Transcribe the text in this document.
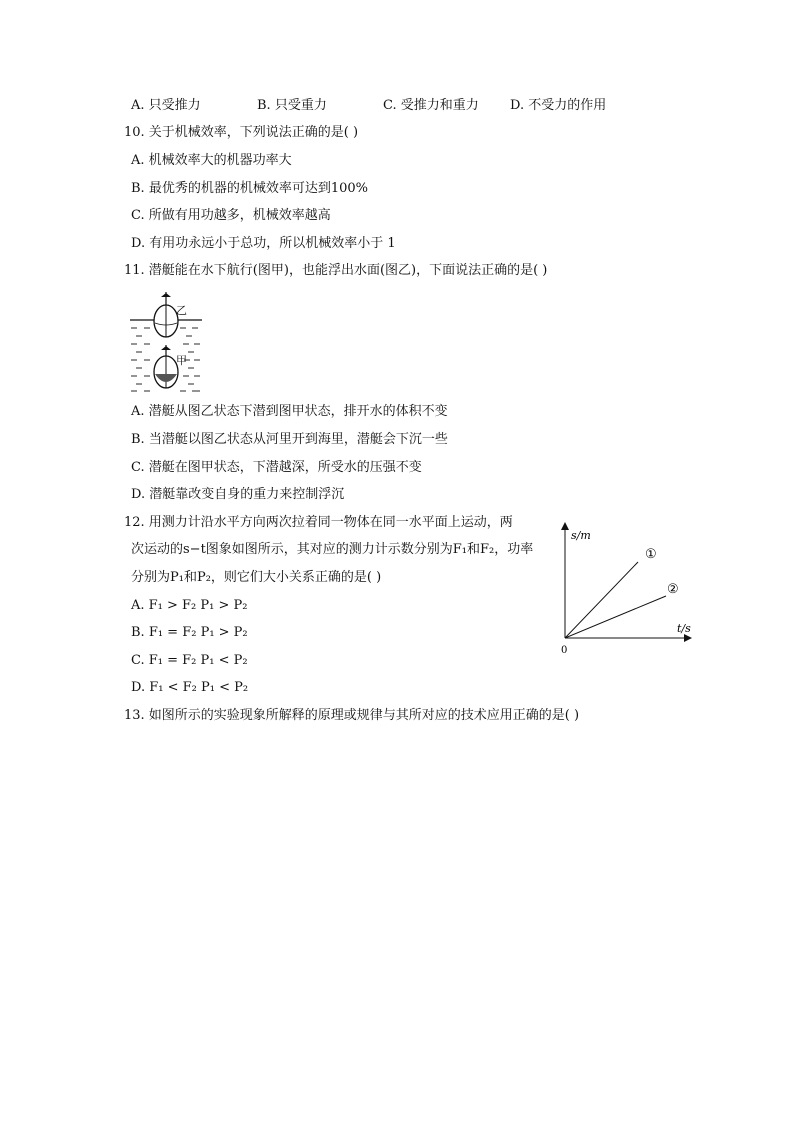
A. 只受推力	B. 只受重力	C. 受推力和重力 D. 不受力的作用
10. 关于机械效率，下列说法正确的是( )
A. 机械效率大的机器功率大
B. 最优秀的机器的机械效率可达到100%
C. 所做有用功越多，机械效率越高
D. 有用功永远小于总功，所以机械效率小于 1
11. 潜艇能在水下航行(图甲)，也能浮出水面(图乙)，下面说法正确的是( )
乙
甲
A. 潜艇从图乙状态下潜到图甲状态，排开水的体积不变
B. 当潜艇以图乙状态从河里开到海里，潜艇会下沉一些
C. 潜艇在图甲状态，下潜越深，所受水的压强不变
D. 潜艇靠改变自身的重力来控制浮沉
12. 用测力计沿水平方向两次拉着同一物体在同一水平面上运动，两
次运动的s−t图象如图所示，其对应的测力计示数分别为F₁和F₂，功率
分别为P₁和P₂，则它们大小关系正确的是( )
A. F₁ > F₂ P₁ > P₂
B. F₁ = F₂ P₁ > P₂
C. F₁ = F₂ P₁ < P₂
D. F₁ < F₂ P₁ < P₂
s/m
t/s
0
①
②
13. 如图所示的实验现象所解释的原理或规律与其所对应的技术应用正确的是( )
